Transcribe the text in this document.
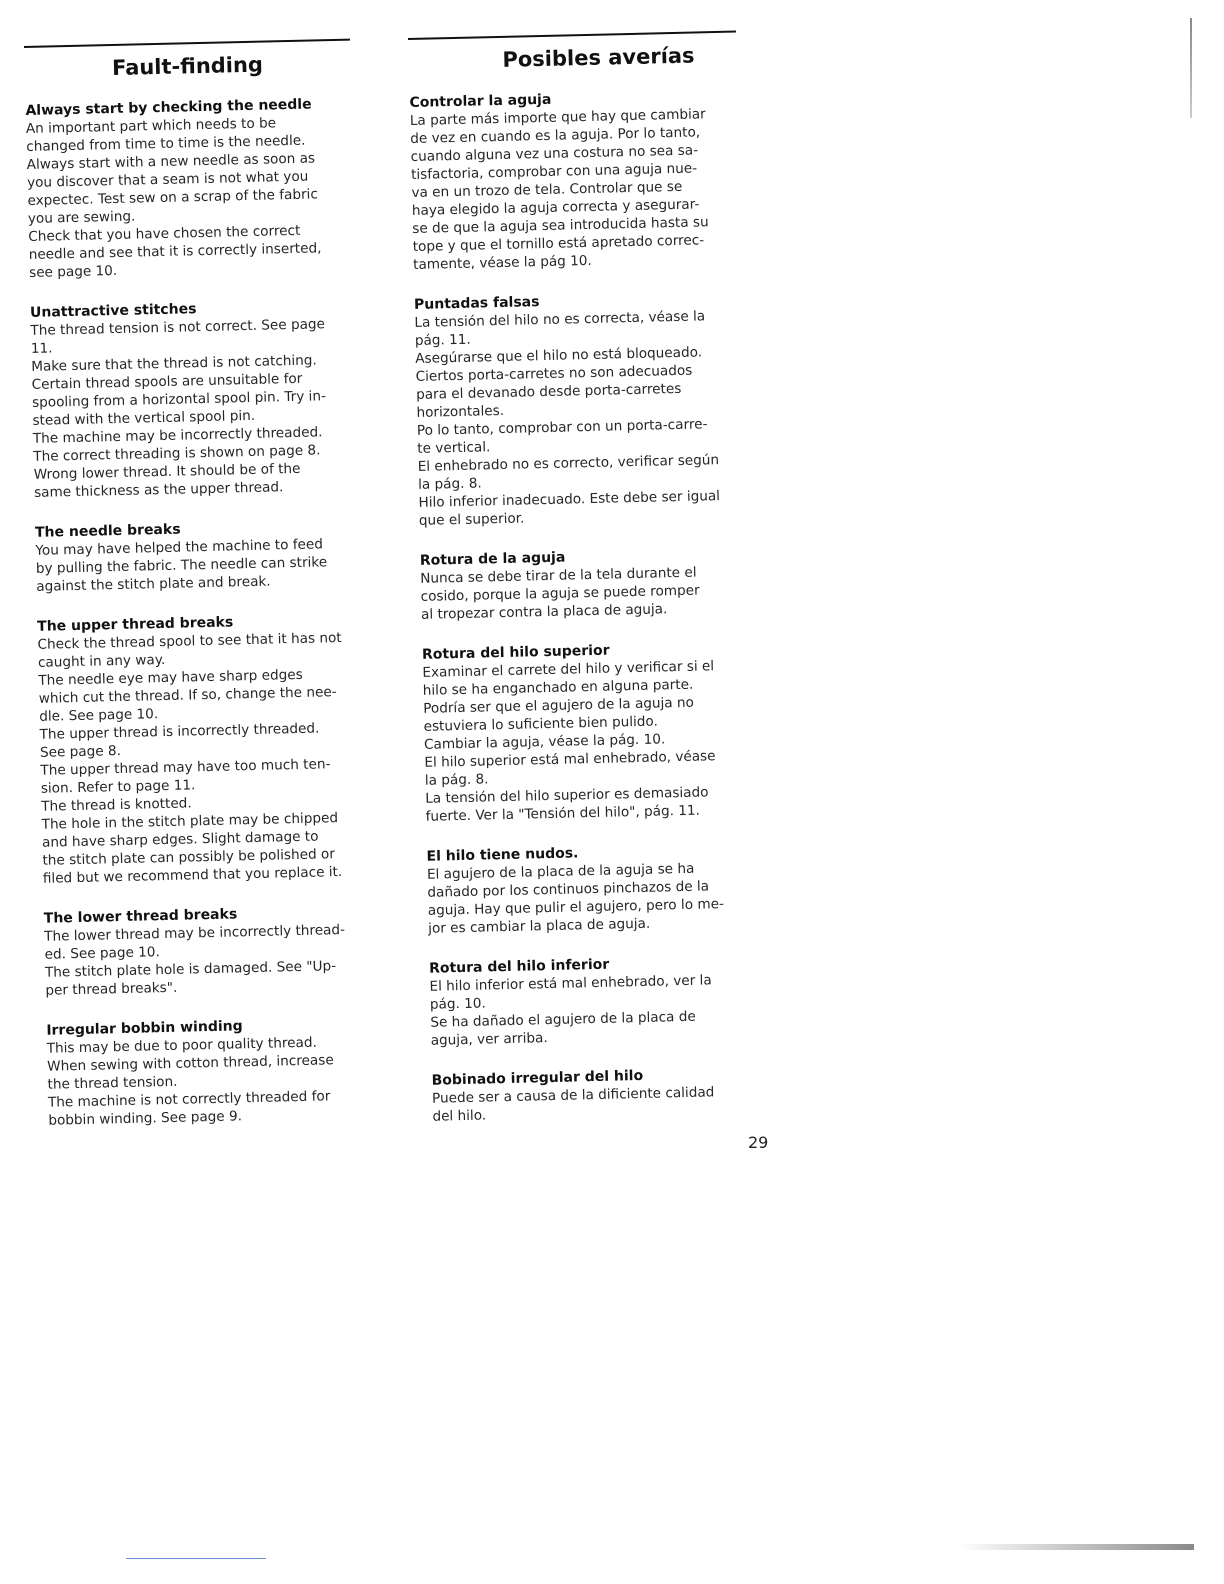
Fault-finding
Always start by checking the needle

An important part which needs to be
changed from time to time is the needle.
Always start with a new needle as soon as
you discover that a seam is not what you
expectec. Test sew on a scrap of the fabric
you are sewing.
Check that you have chosen the correct
needle and see that it is correctly inserted,
see page 10.

Unattractive stitches

The thread tension is not correct. See page
11.
Make sure that the thread is not catching.
Certain thread spools are unsuitable for
spooling from a horizontal spool pin. Try in-
stead with the vertical spool pin.
The machine may be incorrectly threaded.
The correct threading is shown on page 8.
Wrong lower thread. It should be of the
same thickness as the upper thread.

The needle breaks

You may have helped the machine to feed
by pulling the fabric. The needle can strike
against the stitch plate and break.

The upper thread breaks

Check the thread spool to see that it has not
caught in any way.
The needle eye may have sharp edges
which cut the thread. If so, change the nee-
dle. See page 10.
The upper thread is incorrectly threaded.
See page 8.
The upper thread may have too much ten-
sion. Refer to page 11.
The thread is knotted.
The hole in the stitch plate may be chipped
and have sharp edges. Slight damage to
the stitch plate can possibly be polished or
filed but we recommend that you replace it.

The lower thread breaks

The lower thread may be incorrectly thread-
ed. See page 10.
The stitch plate hole is damaged. See "Up-
per thread breaks".

Irregular bobbin winding

This may be due to poor quality thread.
When sewing with cotton thread, increase
the thread tension.
The machine is not correctly threaded for
bobbin winding. See page 9.

Posibles averías
Controlar la aguja

La parte más importe que hay que cambiar
de vez en cuando es la aguja. Por lo tanto,
cuando alguna vez una costura no sea sa-
tisfactoria, comprobar con una aguja nue-
va en un trozo de tela. Controlar que se
haya elegido la aguja correcta y asegurar-
se de que la aguja sea introducida hasta su
tope y que el tornillo está apretado correc-
tamente, véase la pág 10.

Puntadas falsas

La tensión del hilo no es correcta, véase la
pág. 11.
Asegúrarse que el hilo no está bloqueado.
Ciertos porta-carretes no son adecuados
para el devanado desde porta-carretes
horizontales.
Po lo tanto, comprobar con un porta-carre-
te vertical.
El enhebrado no es correcto, verificar según
la pág. 8.
Hilo inferior inadecuado. Este debe ser igual
que el superior.

Rotura de la aguja

Nunca se debe tirar de la tela durante el
cosido, porque la aguja se puede romper
al tropezar contra la placa de aguja.

Rotura del hilo superior

Examinar el carrete del hilo y verificar si el
hilo se ha enganchado en alguna parte.
Podría ser que el agujero de la aguja no
estuviera lo suficiente bien pulido.
Cambiar la aguja, véase la pág. 10.
El hilo superior está mal enhebrado, véase
la pág. 8.
La tensión del hilo superior es demasiado
fuerte. Ver la "Tensión del hilo", pág. 11.

El hilo tiene nudos.

El agujero de la placa de la aguja se ha
dañado por los continuos pinchazos de la
aguja. Hay que pulir el agujero, pero lo me-
jor es cambiar la placa de aguja.

Rotura del hilo inferior

El hilo inferior está mal enhebrado, ver la
pág. 10.
Se ha dañado el agujero de la placa de
aguja, ver arriba.

Bobinado irregular del hilo

Puede ser a causa de la dificiente calidad
del hilo.

29
